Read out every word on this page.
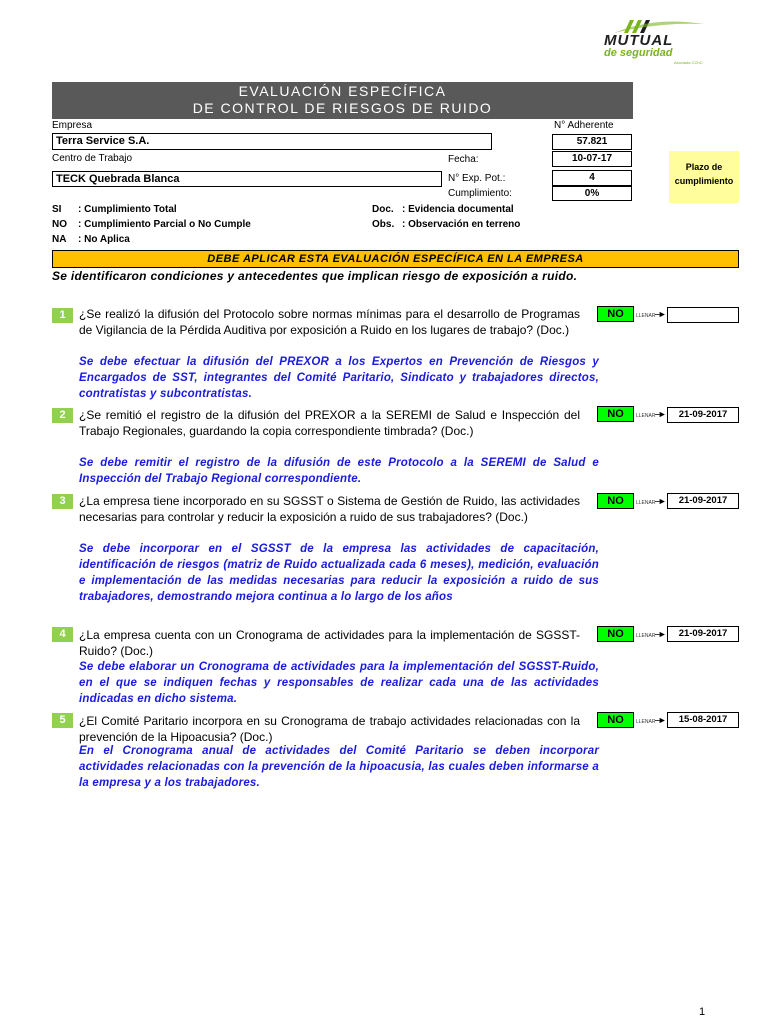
MUTUAL
de seguridad
Asociada CChC
EVALUACIÓN ESPECÍFICA
DE CONTROL DE RIESGOS DE RUIDO
Empresa
Terra Service S.A.
N° Adherente
57.821
Centro de Trabajo
TECK Quebrada Blanca
Fecha:	10-07-17
N° Exp. Pot.:	4
Cumplimiento:	0%
Plazo de
cumplimiento
SI : Cumplimiento Total
NO : Cumplimiento Parcial o No Cumple
NA : No Aplica
Doc. : Evidencia documental
Obs. : Observación en terreno
DEBE APLICAR ESTA EVALUACIÓN ESPECÍFICA EN LA EMPRESA
Se identificaron condiciones y antecedentes que implican riesgo de exposición a ruido.
1	¿Se realizó la difusión del Protocolo sobre normas mínimas para el desarrollo de Programas de Vigilancia de la Pérdida Auditiva por exposición a Ruido en los lugares de trabajo? (Doc.)
Se debe efectuar la difusión del PREXOR a los Expertos en Prevención de Riesgos y Encargados de SST, integrantes del Comité Paritario, Sindicato y trabajadores directos, contratistas y subcontratistas.
NO	LLENAR
2	¿Se remitió el registro de la difusión del PREXOR a la SEREMI de Salud e Inspección del Trabajo Regionales, guardando la copia correspondiente timbrada? (Doc.)
Se debe remitir el registro de la difusión de este Protocolo a la SEREMI de Salud e Inspección del Trabajo Regional correspondiente.
NO	LLENAR	21-09-2017
3	¿La empresa tiene incorporado en su SGSST o Sistema de Gestión de Ruido, las actividades necesarias para controlar y reducir la exposición a ruido de sus trabajadores? (Doc.)
Se debe incorporar en el SGSST de la empresa las actividades de capacitación, identificación de riesgos (matriz de Ruido actualizada cada 6 meses), medición, evaluación e implementación de las medidas necesarias para reducir la exposición a ruido de sus trabajadores, demostrando mejora continua a lo largo de los años
NO	LLENAR	21-09-2017
4	¿La empresa cuenta con un Cronograma de actividades para la implementación de SGSST-Ruido? (Doc.)
Se debe elaborar un Cronograma de actividades para la implementación del SGSST-Ruido, en el que se indiquen fechas y responsables de realizar cada una de las actividades indicadas en dicho sistema.
NO	LLENAR	21-09-2017
5	¿El Comité Paritario incorpora en su Cronograma de trabajo actividades relacionadas con la prevención de la Hipoacusia? (Doc.)
En el Cronograma anual de actividades del Comité Paritario se deben incorporar actividades relacionadas con la prevención de la hipoacusia, las cuales deben informarse a la empresa y a los trabajadores.
NO	LLENAR	15-08-2017
1
